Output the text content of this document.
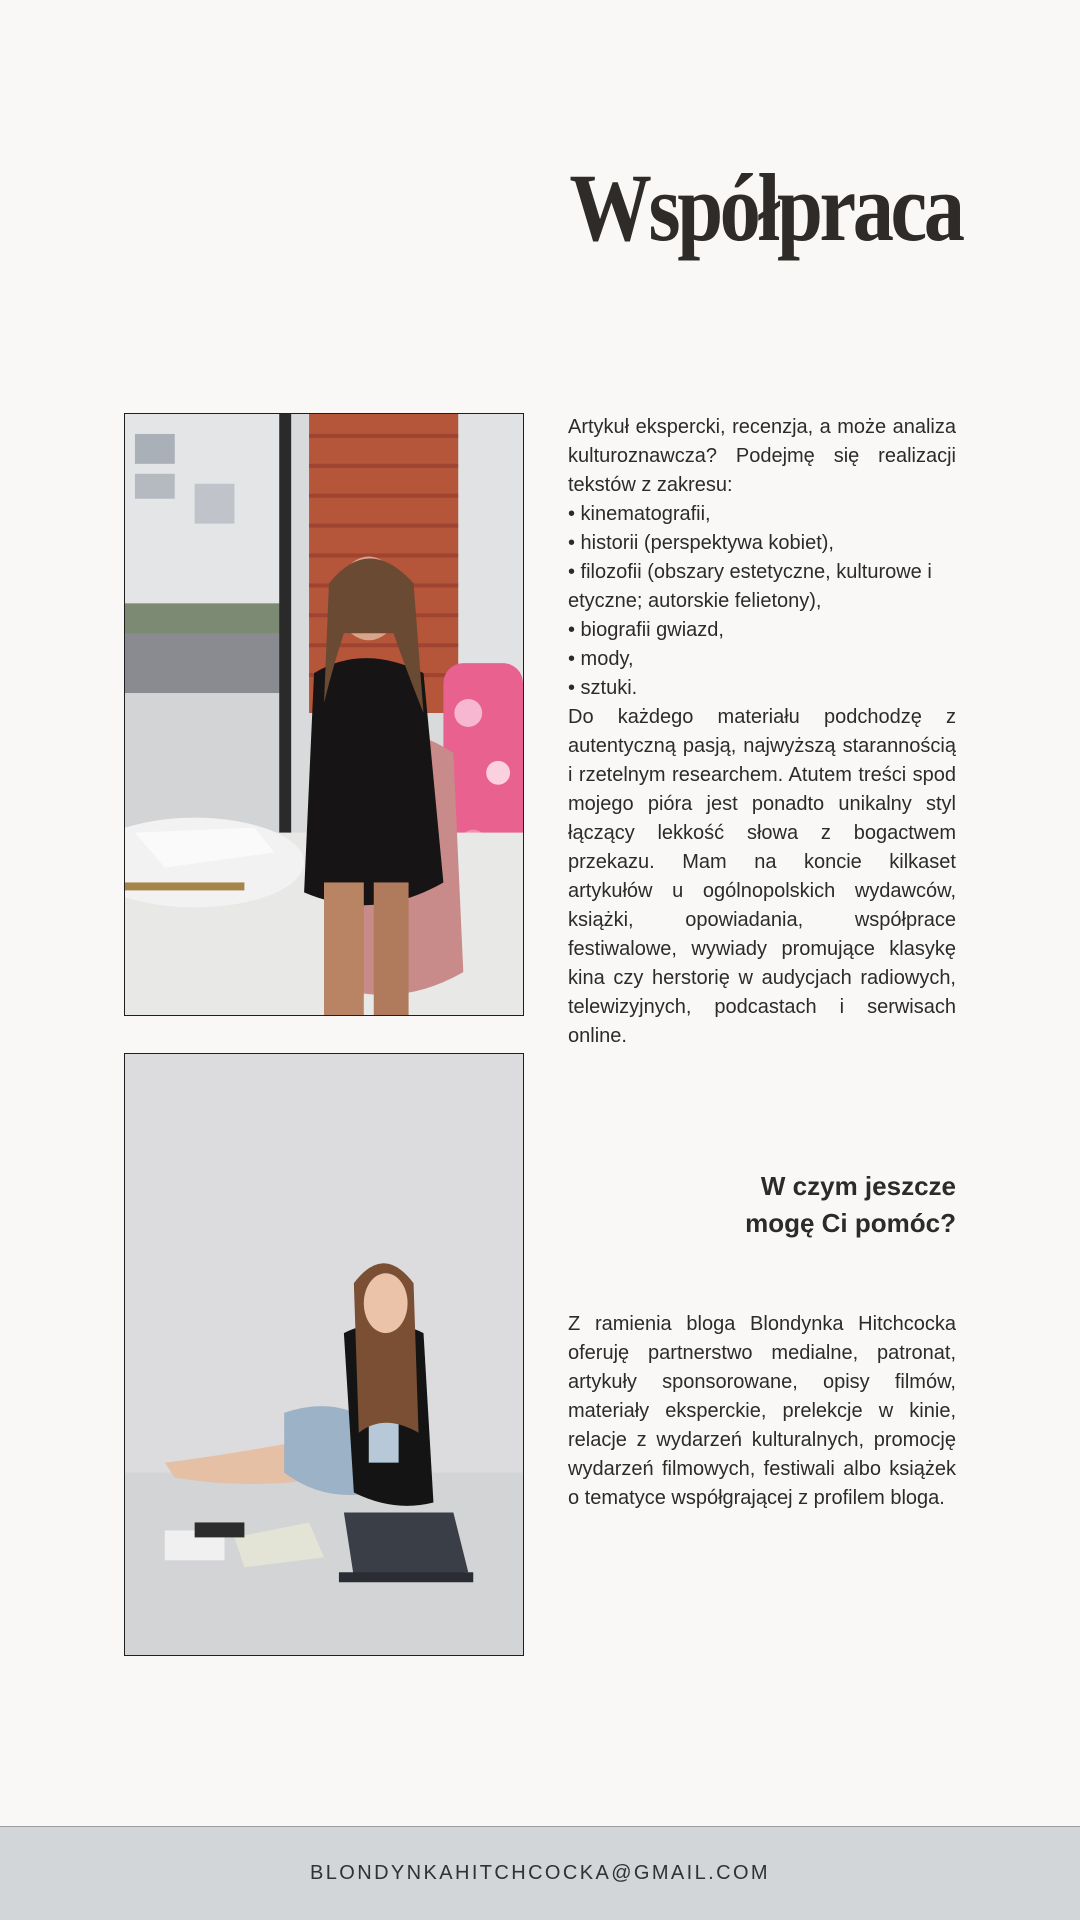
Współpraca
Artykuł ekspercki, recenzja, a może analiza kulturoznawcza? Podejmę się realizacji tekstów z zakresu:
• kinematografii,
• historii (perspektywa kobiet),
• filozofii (obszary estetyczne, kulturowe i etyczne; autorskie felietony),
• biografii gwiazd,
• mody,
• sztuki.
Do każdego materiału podchodzę z autentyczną pasją, najwyższą starannością i rzetelnym researchem. Atutem treści spod mojego pióra jest ponadto unikalny styl łączący lekkość słowa z bogactwem przekazu. Mam na koncie kilkaset artykułów u ogólnopolskich wydawców, książki, opowiadania, współprace festiwalowe, wywiady promujące klasykę kina czy herstorię w audycjach radiowych, telewizyjnych, podcastach i serwisach online.
W czym jeszcze
mogę Ci pomóc?

Z ramienia bloga Blondynka Hitchcocka oferuję partnerstwo medialne, patronat, artykuły sponsorowane, opisy filmów, materiały eksperckie, prelekcje w kinie, relacje z wydarzeń kulturalnych, promocję wydarzeń filmowych, festiwali albo książek o tematyce współgrającej z profilem bloga.

BLONDYNKAHITCHCOCKA@GMAIL.COM
